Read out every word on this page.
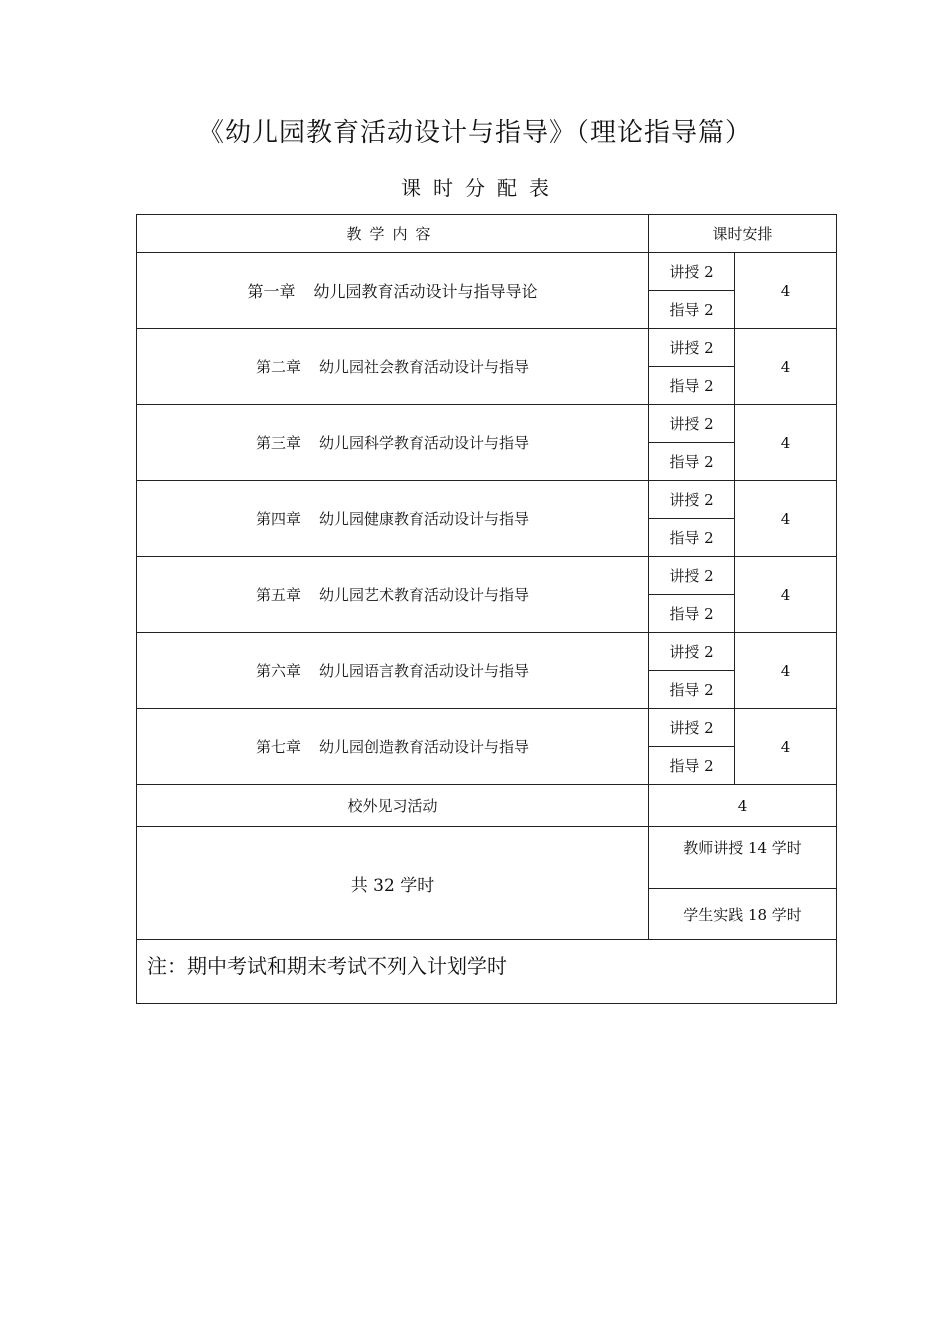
《幼儿园教育活动设计与指导》（理论指导篇）
课时分配表
教学内容	课时安排	
第一章 幼儿园教育活动设计与指导导论	讲授 2	4
	指导 2	
第二章 幼儿园社会教育活动设计与指导	讲授 2	4
	指导 2	
第三章 幼儿园科学教育活动设计与指导	讲授 2	4
	指导 2	
第四章 幼儿园健康教育活动设计与指导	讲授 2	4
	指导 2	
第五章 幼儿园艺术教育活动设计与指导	讲授 2	4
	指导 2	
第六章 幼儿园语言教育活动设计与指导	讲授 2	4
	指导 2	
第七章 幼儿园创造教育活动设计与指导	讲授 2	4
	指导 2	
校外见习活动	4	
共 32 学时	教师讲授 14 学时	
	学生实践 18 学时	
注：期中考试和期末考试不列入计划学时		
